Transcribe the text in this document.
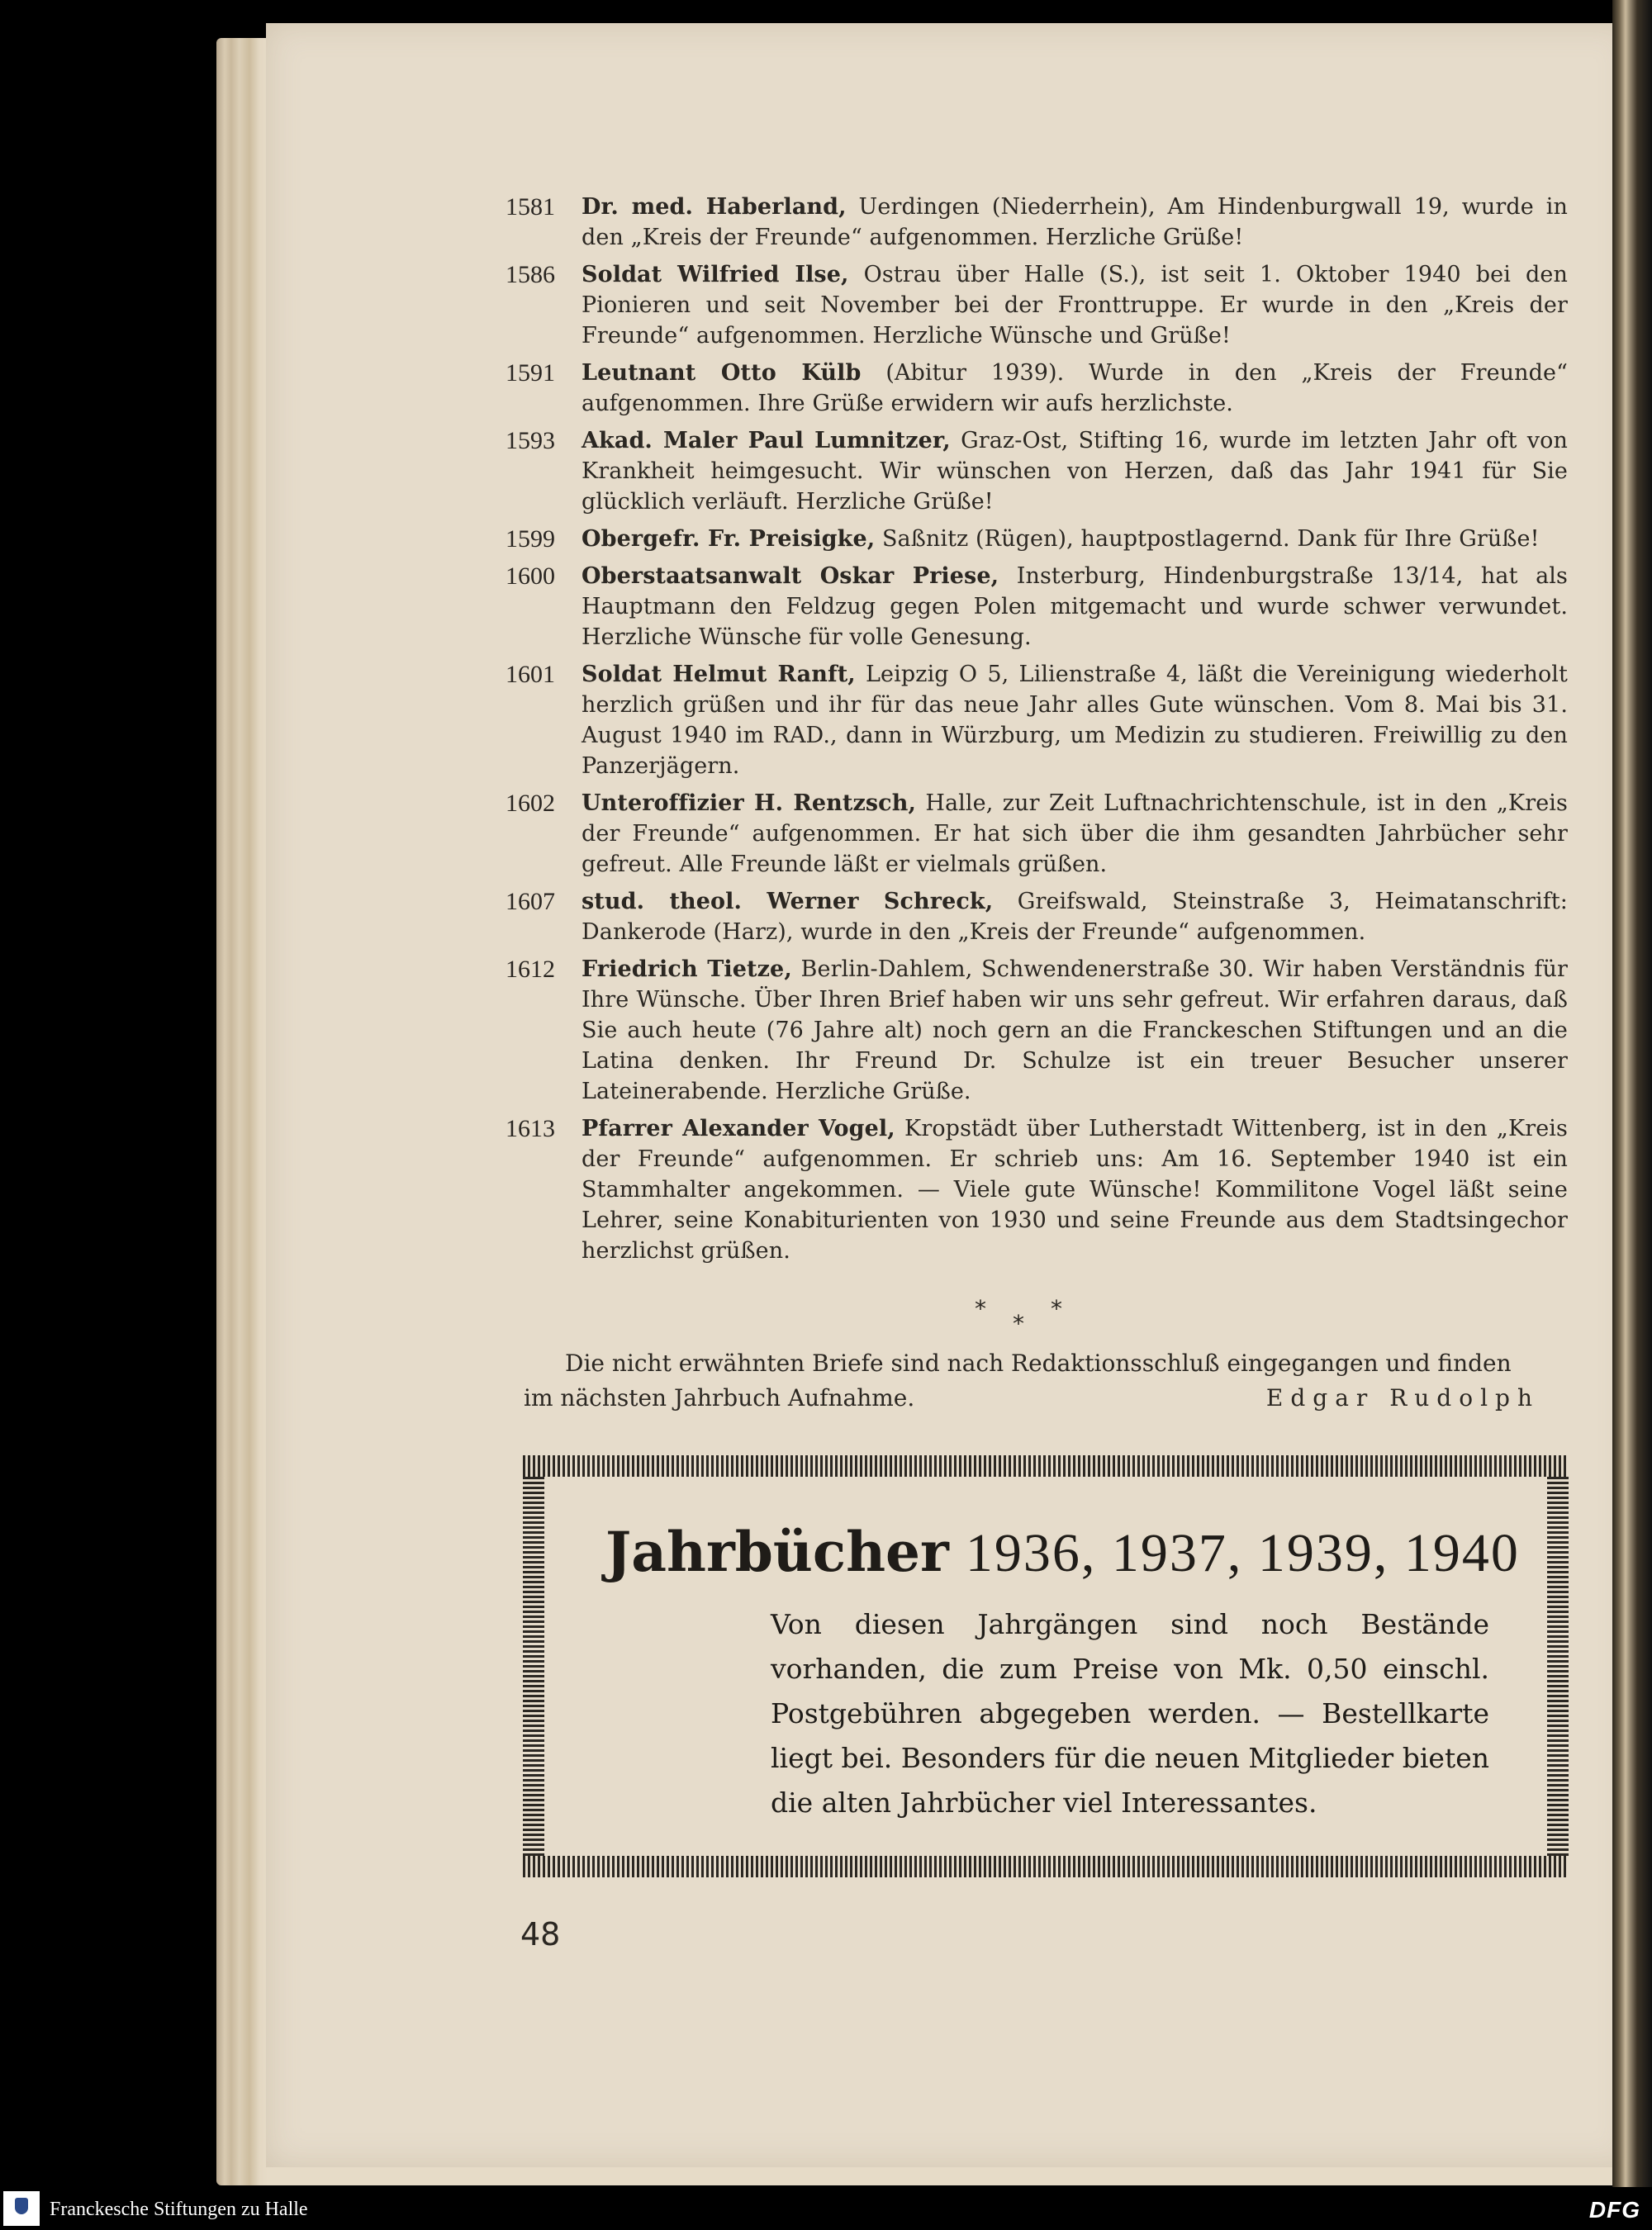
1581	Dr. med. Haberland, Uerdingen (Niederrhein), Am Hindenburgwall 19, wurde in den „Kreis der Freunde“ aufgenommen. Herzliche Grüße!
1586	Soldat Wilfried Ilse, Ostrau über Halle (S.), ist seit 1. Oktober 1940 bei den Pionieren und seit November bei der Fronttruppe. Er wurde in den „Kreis der Freunde“ aufgenommen. Herzliche Wünsche und Grüße!
1591	Leutnant Otto Külb (Abitur 1939). Wurde in den „Kreis der Freunde“ aufgenommen. Ihre Grüße erwidern wir aufs herzlichste.
1593	Akad. Maler Paul Lumnitzer, Graz-Ost, Stifting 16, wurde im letzten Jahr oft von Krankheit heimgesucht. Wir wünschen von Herzen, daß das Jahr 1941 für Sie glücklich verläuft. Herzliche Grüße!
1599	Obergefr. Fr. Preisigke, Saßnitz (Rügen), hauptpostlagernd. Dank für Ihre Grüße!
1600	Oberstaatsanwalt Oskar Priese, Insterburg, Hindenburgstraße 13/14, hat als Hauptmann den Feldzug gegen Polen mitgemacht und wurde schwer verwundet. Herzliche Wünsche für volle Genesung.
1601	Soldat Helmut Ranft, Leipzig O 5, Lilienstraße 4, läßt die Vereinigung wiederholt herzlich grüßen und ihr für das neue Jahr alles Gute wünschen. Vom 8. Mai bis 31. August 1940 im RAD., dann in Würzburg, um Medizin zu studieren. Freiwillig zu den Panzerjägern.
1602	Unteroffizier H. Rentzsch, Halle, zur Zeit Luftnachrichtenschule, ist in den „Kreis der Freunde“ aufgenommen. Er hat sich über die ihm gesandten Jahrbücher sehr gefreut. Alle Freunde läßt er vielmals grüßen.
1607	stud. theol. Werner Schreck, Greifswald, Steinstraße 3, Heimatanschrift: Dankerode (Harz), wurde in den „Kreis der Freunde“ aufgenommen.
1612	Friedrich Tietze, Berlin-Dahlem, Schwendenerstraße 30. Wir haben Verständnis für Ihre Wünsche. Über Ihren Brief haben wir uns sehr gefreut. Wir erfahren daraus, daß Sie auch heute (76 Jahre alt) noch gern an die Franckeschen Stiftungen und an die Latina denken. Ihr Freund Dr. Schulze ist ein treuer Besucher unserer Lateinerabende. Herzliche Grüße.
1613	Pfarrer Alexander Vogel, Kropstädt über Lutherstadt Wittenberg, ist in den „Kreis der Freunde“ aufgenommen. Er schrieb uns: Am 16. September 1940 ist ein Stammhalter angekommen. — Viele gute Wünsche! Kommilitone Vogel läßt seine Lehrer, seine Konabiturienten von 1930 und seine Freunde aus dem Stadtsingechor herzlichst grüßen.
*
*
*
Die nicht erwähnten Briefe sind nach Redaktionsschluß eingegangen und finden
im nächsten Jahrbuch Aufnahme.	Edgar Rudolph
Jahrbücher 1936, 1937, 1939, 1940
Von diesen Jahrgängen sind noch Bestände vorhanden, die zum Preise von Mk. 0,50 einschl. Postgebühren abgegeben werden. — Bestellkarte liegt bei. Besonders für die neuen Mitglieder bieten die alten Jahrbücher viel Interessantes.
48
Franckesche Stiftungen zu Halle	DFG
